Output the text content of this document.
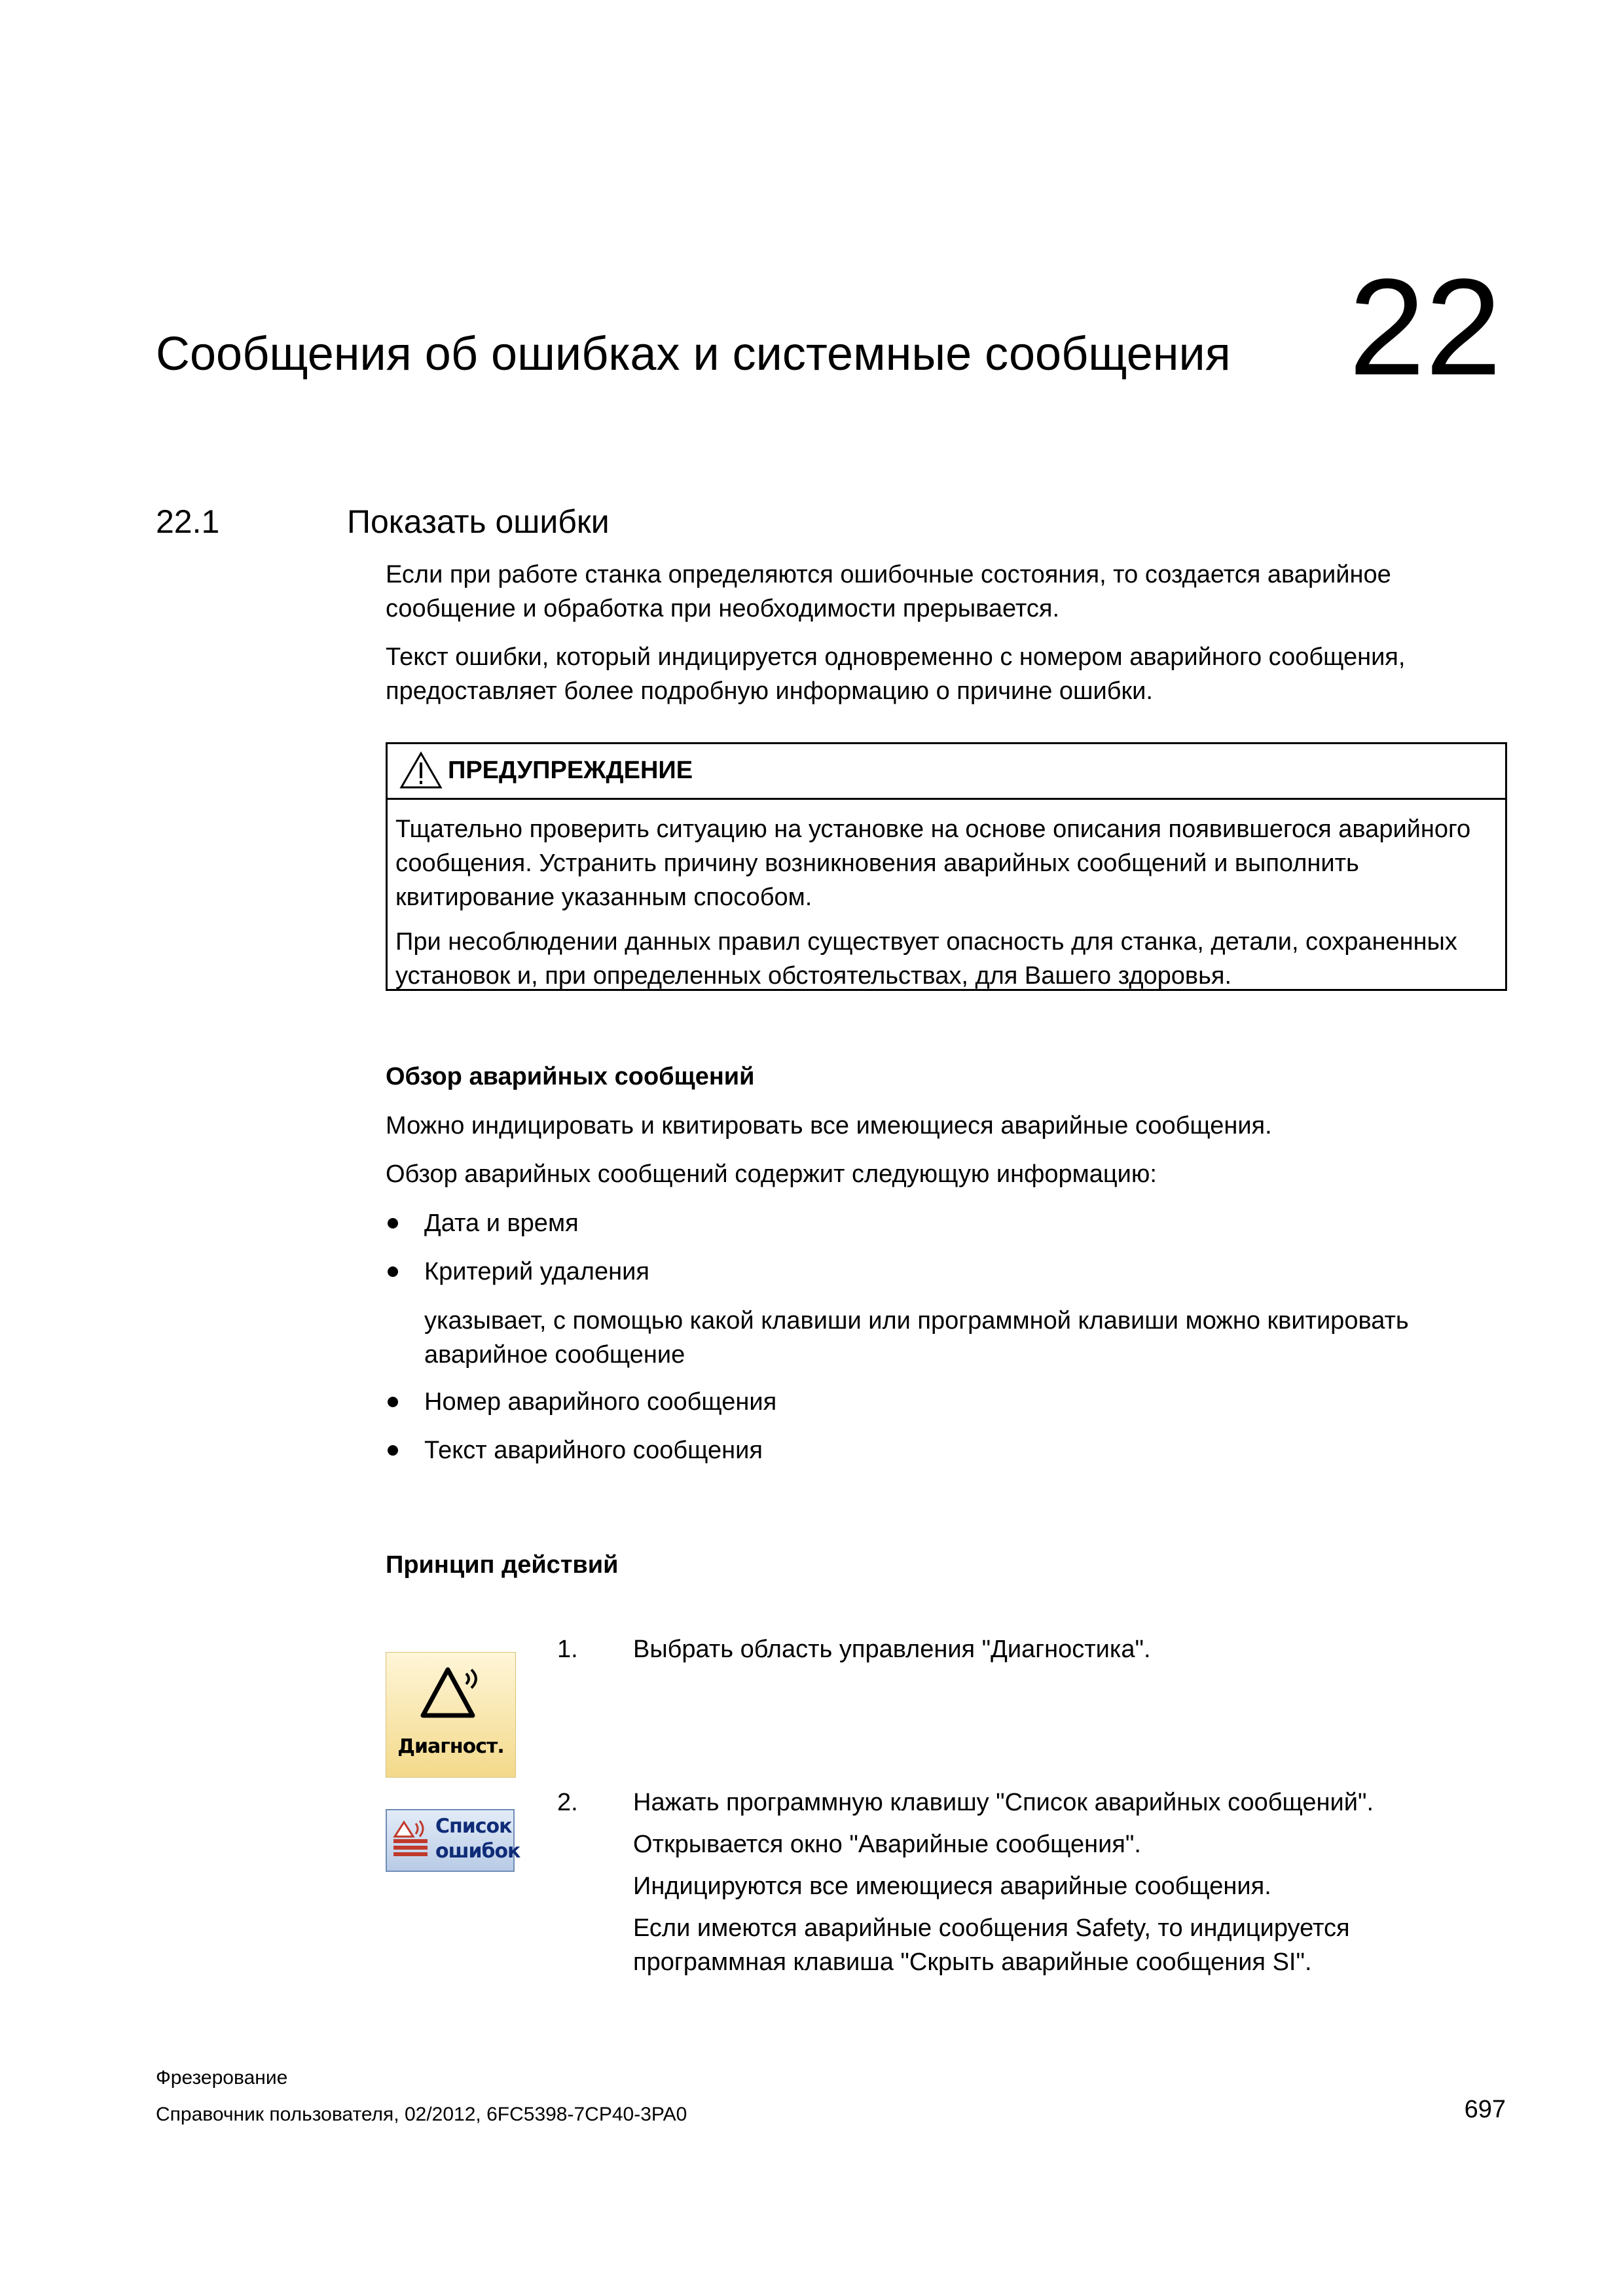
Сообщения об ошибках и системные сообщения 22
22.1	Показать ошибки
Если при работе станка определяются ошибочные состояния, то создается аварийное сообщение и обработка при необходимости прерывается.
Текст ошибки, который индицируется одновременно с номером аварийного сообщения, предоставляет более подробную информацию о причине ошибки.
ПРЕДУПРЕЖДЕНИЕ
Тщательно проверить ситуацию на установке на основе описания появившегося аварийного сообщения. Устранить причину возникновения аварийных сообщений и выполнить квитирование указанным способом.
При несоблюдении данных правил существует опасность для станка, детали, сохраненных установок и, при определенных обстоятельствах, для Вашего здоровья.
Обзор аварийных сообщений
Можно индицировать и квитировать все имеющиеся аварийные сообщения.
Обзор аварийных сообщений содержит следующую информацию:
Дата и время
Критерий удаления
указывает, с помощью какой клавиши или программной клавиши можно квитировать аварийное сообщение
Номер аварийного сообщения
Текст аварийного сообщения
Принцип действий
Диагност.
1. Выбрать область управления "Диагностика".
Список
ошибок
2. Нажать программную клавишу "Список аварийных сообщений".
Открывается окно "Аварийные сообщения".
Индицируются все имеющиеся аварийные сообщения.
Если имеются аварийные сообщения Safety, то индицируется программная клавиша "Скрыть аварийные сообщения SI".
Фрезерование
Справочник пользователя, 02/2012, 6FC5398-7CP40-3PA0	697
